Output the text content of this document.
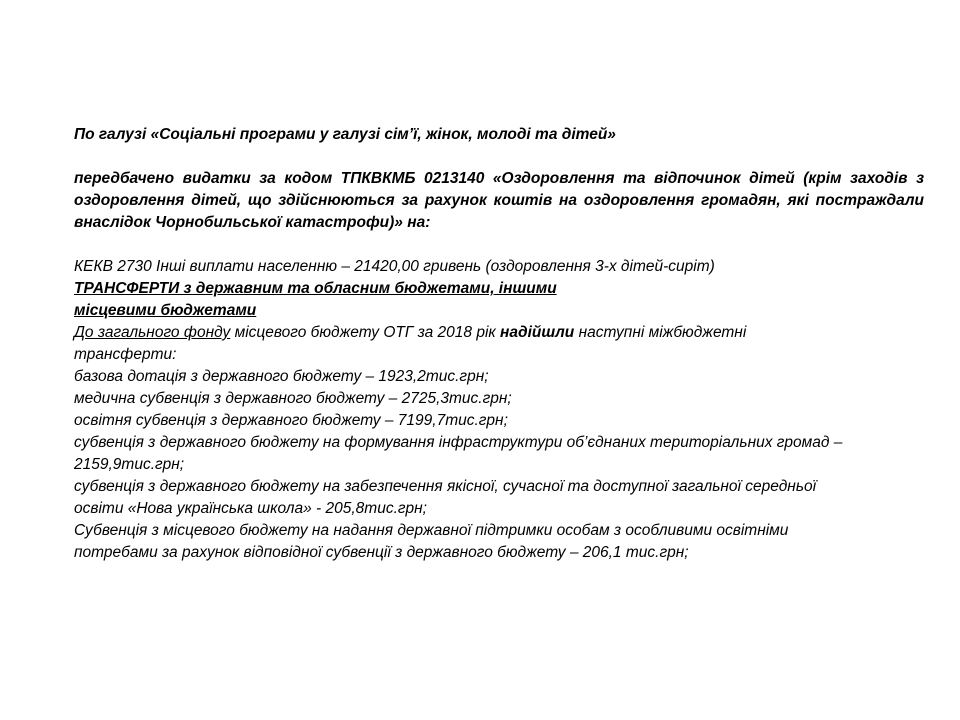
По галузі «Соціальні програми у галузі сім’ї, жінок, молоді та дітей»

передбачено видатки за кодом ТПКВКМБ 0213140 «Оздоровлення та відпочинок дітей (крім заходів з оздоровлення дітей, що здійснюються за рахунок коштів на оздоровлення громадян, які постраждали внаслідок Чорнобильської катастрофи)» на:

КЕКВ 2730 Інші виплати населенню – 21420,00 гривень (оздоровлення 3-х дітей-сиріт)

ТРАНСФЕРТИ з державним та обласним бюджетами, іншими

місцевими бюджетами

До загального фонду місцевого бюджету ОТГ за 2018 рік надійшли наступні міжбюджетні трансферти:

базова дотація з державного бюджету – 1923,2тис.грн;

медична субвенція з державного бюджету – 2725,3тис.грн;

освітня субвенція з державного бюджету – 7199,7тис.грн;

субвенція з державного бюджету на формування інфраструктури об’єднаних територіальних громад – 2159,9тис.грн;

субвенція з державного бюджету на забезпечення якісної, сучасної та доступної загальної середньої освіти «Нова українська школа» - 205,8тис.грн;

Субвенція з місцевого бюджету на надання державної підтримки особам з особливими освітніми потребами за рахунок відповідної субвенції з державного бюджету – 206,1 тис.грн;
